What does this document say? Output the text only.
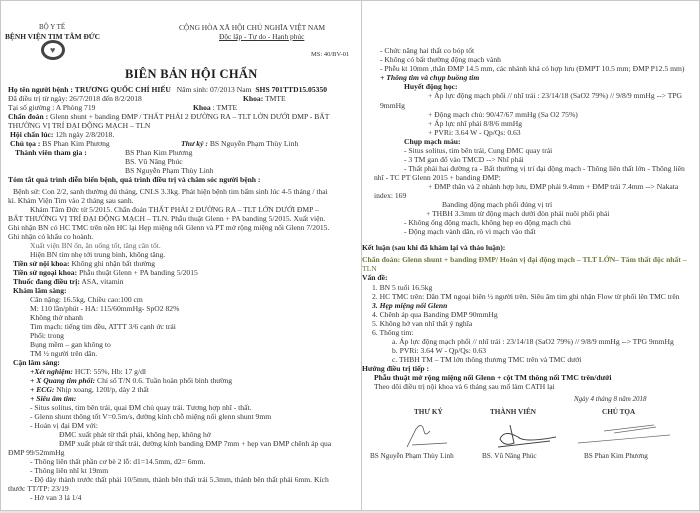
BỘ Y TẾ
BỆNH VIỆN TIM TÂM ĐỨC
♥
CỘNG HÒA XÃ HỘI CHỦ NGHĨA VIỆT NAM
Độc lập - Tự do - Hạnh phúc
MS: 40/BV-01
BIÊN BẢN HỘI CHẨN
Họ tên người bệnh : TRƯƠNG QUỐC CHÍ HIẾU Năm sinh: 07/2013 Nam SHS 701TTD15.05350
Đã điều trị từ ngày: 26/7/2018 đến 8/2/2018	Khoa: TMTE
Tại số giường : A Phòng 719	Khoa : TMTE
Chẩn đoán : Glenn shunt + banding ĐMP / THẤT PHẢI 2 ĐƯỜNG RA – TLT LỚN DƯỚI ĐMP - BẤT
THƯỜNG VỊ TRÍ ĐẠI ĐỘNG MẠCH – TLN
Hội chẩn lúc: 12h ngày 2/8/2018.
Chủ tọa : BS Phan Kim Phương	Thư ký : BS Nguyễn Phạm Thùy Linh
Thành viên tham gia :	BS Phan Kim Phương
BS. Vũ Năng Phúc
BS Nguyễn Phạm Thùy Linh
Tóm tắt quá trình diễn biến bệnh, quá trình điều trị và chăm sóc người bệnh :
Bệnh sử: Con 2/2, sanh thường đủ tháng, CNLS 3.3kg. Phát hiện bệnh tim bẩm sinh lúc 4-5 tháng / thai
kì. Khám Viện Tim vào 2 tháng sau sanh.
Khám Tâm Đức từ 5/2015. Chẩn đoán THẤT PHẢI 2 ĐƯỜNG RA – TLT LỚN DƯỚI ĐMP –
BẤT THƯỜNG VỊ TRÍ ĐẠI ĐỘNG MẠCH – TLN. Phẫu thuật Glenn + PA banding 5/2015. Xuất viện.
Ghi nhận BN có HC TMC trên nền HC lại Hẹp miệng nối Glenn và PT mở rộng miệng nối Glenn 7/2015.
Ghi nhận có khẩu co hoành.
Xuất viện BN ổn, ăn uống tốt, tăng cân tốt.
Hiện BN tím nhẹ tới trung bình, không tăng.
Tiền sử nội khoa: Không ghi nhận bất thường
Tiền sử ngoại khoa: Phẫu thuật Glenn + PA banding 5/2015
Thuốc đang điều trị: ASA, vitamin
Khám lâm sàng:
Cân nặng: 16.5kg, Chiều cao:100 cm
M: 110 lần/phút - HA: 115/60mmHg- SpO2 82%
Không thở nhanh
Tim mạch: tiếng tim đều, ATTT 3/6 cạnh ức trái
Phổi: trong
Bụng mềm – gan không to
TM ½ người trên dãn.
Cận lâm sàng:
+Xét nghiệm: HCT: 55%, Hb: 17 g/dl
+ X Quang tim phổi: Chỉ số T/N 0.6. Tuần hoàn phổi bình thường
+ ECG: Nhịp xoang, 120l/p, dày 2 thất
+ Siêu âm tim:
- Situs solitus, tim bên trái, quai ĐM chủ quay trái. Tương hợp nhĩ - thất.
- Glenn shunt thông tốt V=0.5m/s, đường kính chỗ miệng nối glenn shunt 9mm
- Hoán vị đại ĐM với:
ĐMC xuất phát từ thất phải, không hẹp, không hở
ĐMP xuất phát từ thất trái, đường kính banding ĐMP 7mm + hẹp van ĐMP chênh áp qua
ĐMP 99/52mmHg
- Thông liên thất phần cơ bè 2 lỗ: d1=14.5mm, d2= 6mm.
- Thông liên nhĩ kt 19mm
- Độ dày thành trước thất phải 10/5mm, thành bên thất trái 5.3mm, thành bên thất phải 6mm. Kích
thước TT/TP: 23/19
- Hở van 3 lá 1/4
- Chức năng hai thất co bóp tốt
- Không có bất thường động mạch vành
- Phễu kt 10mm ,thân ĐMP 14.5 mm, các nhánh khá có hợp lưu (ĐMPT 10.5 mm; ĐMP P12.5 mm)
+ Thông tim và chụp buồng tim
Huyết động học:
+ Áp lực động mạch phổi // nhĩ trái : 23/14/18 (SaO2 79%) // 9/8/9 mmHg --> TPG
9mmHg
+ Động mạch chủ: 90/47/67 mmHg (Sa O2 75%)
+ Áp lực nhĩ phải 8/8/6 mmHg
+ PVRi: 3.64 W - Qp/Qs: 0.63
Chụp mạch máu:
- Situs solitus, tim bên trái, Cung ĐMC quay trái
- 3 TM gan đổ vào TMCD --> Nhĩ phải
- Thất phải hai đường ra - Bất thường vị trí đại động mạch - Thông liên thất lớn - Thông liên
nhĩ - TC PT Glenn 2015 + banding ĐMP:
+ ĐMP thân và 2 nhánh hợp lưu, ĐMP phải 9.4mm + ĐMP trái 7.4mm --> Nakata
index: 169
Banding động mạch phổi đúng vị trí
+ THBH 3.3mm từ động mạch dưới đòn phải nuôi phổi phải
- Không ống động mạch, không hẹp eo động mạch chủ
- Động mạch vành dãn, rò vi mạch vào thất
Kết luận (sau khi đã khám lại và thảo luận):
Chẩn đoán: Glenn shunt + banding ĐMP/ Hoán vị đại động mạch – TLT LỚN– Tâm thất độc nhất –
TLN
Vấn đề:
1. BN 5 tuổi 16.5kg
2. HC TMC trên: Dãn TM ngoại biên ½ người trên. Siêu âm tim ghi nhận Flow từ phổi lên TMC trên
3. Hẹp miệng nối Glenn
4. Chênh áp qua Banding ĐMP 90mmHg
5. Không hở van nhĩ thất ý nghĩa
6. Thông tim:
a. Áp lực động mạch phổi // nhĩ trái : 23/14/18 (SaO2 79%) // 9/8/9 mmHg --> TPG 9mmHg
b. PVRi: 3.64 W - Qp/Qs: 0.63
c. THBH TM – TM lớn thông thương TMC trên và TMC dưới
Hướng điều trị tiếp :
Phẫu thuật mở rộng miệng nối Glenn + cột TM thông nối TMC trên/dưới
Theo dõi điều trị nội khoa và 6 tháng sau mổ làm CATH lại
Ngày 4 tháng 8 năm 2018
THƯ KÝ	THÀNH VIÊN	CHỦ TỌA
BS Nguyễn Phạm Thùy Linh	BS. Vũ Năng Phúc	BS Phan Kim Phương
